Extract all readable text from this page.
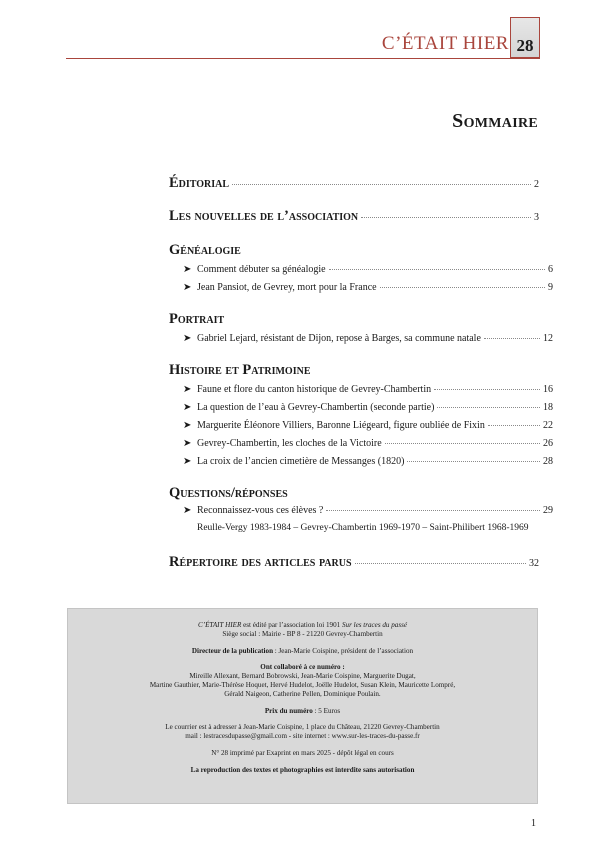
C’ÉTAIT HIER 28
Sommaire
Éditorial	2
Les nouvelles de l’association	3
Généalogie
➤ Comment débuter sa généalogie	6
➤ Jean Pansiot, de Gevrey, mort pour la France	9
Portrait
➤ Gabriel Lejard, résistant de Dijon, repose à Barges, sa commune natale	12
Histoire et Patrimoine
➤ Faune et flore du canton historique de Gevrey-Chambertin	16
➤ La question de l’eau à Gevrey-Chambertin (seconde partie)	18
➤ Marguerite Éléonore Villiers, Baronne Liégeard, figure oubliée de Fixin	22
➤ Gevrey-Chambertin, les cloches de la Victoire	26
➤ La croix de l’ancien cimetière de Messanges (1820)	28
Questions/réponses
➤ Reconnaissez-vous ces élèves ?	29
Reulle-Vergy 1983-1984 – Gevrey-Chambertin 1969-1970 – Saint-Philibert 1968-1969
Répertoire des articles parus	32
C’ÉTAIT HIER est édité par l’association loi 1901 Sur les traces du passé
Siège social : Mairie - BP 8 - 21220 Gevrey-Chambertin
Directeur de la publication : Jean-Marie Coispine, président de l’association
Ont collaboré à ce numéro :
Mireille Allexant, Bernard Bobrowski, Jean-Marie Coispine, Marguerite Dugat,
Martine Gauthier, Marie-Thérèse Hoquet, Hervé Hudelot, Joëlle Hudelot, Susan Klein, Mauricette Lompré,
Gérald Naigeon, Catherine Pellen, Dominique Poulain.
Prix du numéro : 5 Euros
Le courrier est à adresser à Jean-Marie Coispine, 1 place du Château, 21220 Gevrey-Chambertin
mail : lestracesdupasse@gmail.com - site internet : www.sur-les-traces-du-passe.fr
N° 28 imprimé par Exaprint en mars 2025 - dépôt légal en cours
La reproduction des textes et photographies est interdite sans autorisation
1
